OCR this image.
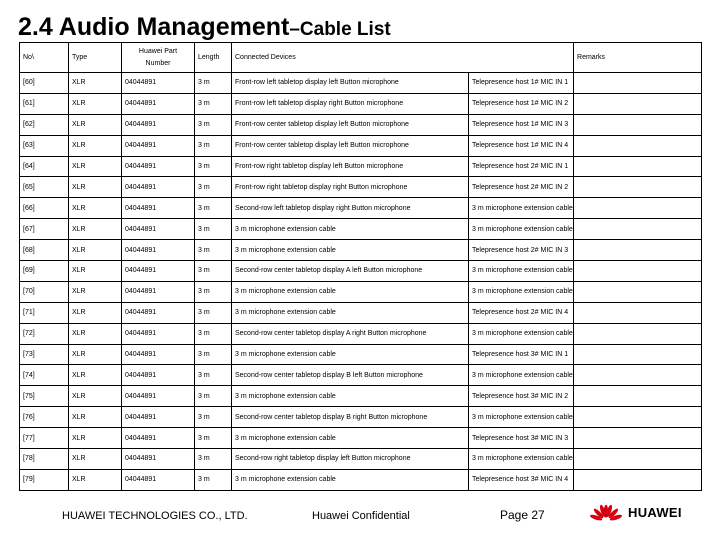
2.4 Audio Management–Cable List
No\	Type	Huawei Part
Number	Length	Connected Devices		Remarks
[60]	XLR	04044891	3 m	Front-row left tabletop display left Button microphone	Telepresence host 1# MIC IN 1	
[61]	XLR	04044891	3 m	Front-row left tabletop display right Button microphone	Telepresence host 1# MIC IN 2	
[62]	XLR	04044891	3 m	Front-row center tabletop display left Button microphone	Telepresence host 1# MIC IN 3	
[63]	XLR	04044891	3 m	Front-row center tabletop display left Button microphone	Telepresence host 1# MIC IN 4	
[64]	XLR	04044891	3 m	Front-row right tabletop display left Button microphone	Telepresence host 2# MIC IN 1	
[65]	XLR	04044891	3 m	Front-row right tabletop display right Button microphone	Telepresence host 2# MIC IN 2	
[66]	XLR	04044891	3 m	Second-row left tabletop display right Button microphone	3 m microphone extension cable	
[67]	XLR	04044891	3 m	3 m microphone extension cable	3 m microphone extension cable	
[68]	XLR	04044891	3 m	3 m microphone extension cable	Telepresence host 2# MIC IN 3	
[69]	XLR	04044891	3 m	Second-row center tabletop display A left Button microphone	3 m microphone extension cable	
[70]	XLR	04044891	3 m	3 m microphone extension cable	3 m microphone extension cable	
[71]	XLR	04044891	3 m	3 m microphone extension cable	Telepresence host 2# MIC IN 4	
[72]	XLR	04044891	3 m	Second-row center tabletop display A right Button microphone	3 m microphone extension cable	
[73]	XLR	04044891	3 m	3 m microphone extension cable	Telepresence host 3# MIC IN 1	
[74]	XLR	04044891	3 m	Second-row center tabletop display B left Button microphone	3 m microphone extension cable	
[75]	XLR	04044891	3 m	3 m microphone extension cable	Telepresence host 3# MIC IN 2	
[76]	XLR	04044891	3 m	Second-row center tabletop display B right Button microphone	3 m microphone extension cable	
[77]	XLR	04044891	3 m	3 m microphone extension cable	Telepresence host 3# MIC IN 3	
[78]	XLR	04044891	3 m	Second-row right tabletop display left Button microphone	3 m microphone extension cable	
[79]	XLR	04044891	3 m	3 m microphone extension cable	Telepresence host 3# MIC IN 4	
HUAWEI TECHNOLOGIES CO., LTD.	Huawei Confidential	Page 27	HUAWEI
